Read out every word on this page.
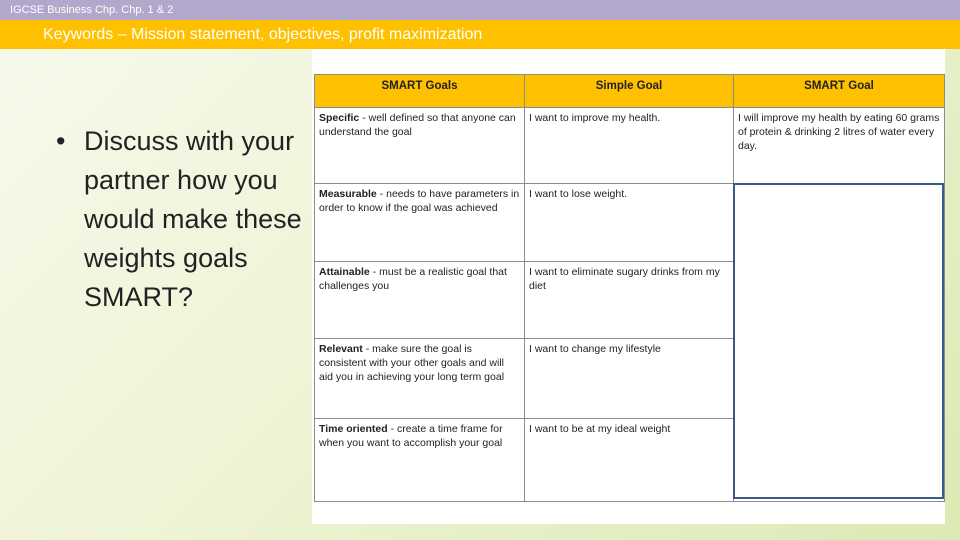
IGCSE Business Chp. Chp. 1 & 2
Keywords – Mission statement, objectives, profit maximization
• Discuss with your partner how you would make these weights goals SMART?
SMART Goals	Simple Goal	SMART Goal
Specific - well defined so that anyone can understand the goal	I want to improve my health.	I will improve my health by eating 60 grams of protein & drinking 2 litres of water every day.
Measurable - needs to have parameters in order to know if the goal was achieved	I want to lose weight.	
Attainable - must be a realistic goal that challenges you	I want to eliminate sugary drinks from my diet	
Relevant - make sure the goal is consistent with your other goals and will aid you in achieving your long term goal	I want to change my lifestyle	
Time oriented - create a time frame for when you want to accomplish your goal	I want to be at my ideal weight	
